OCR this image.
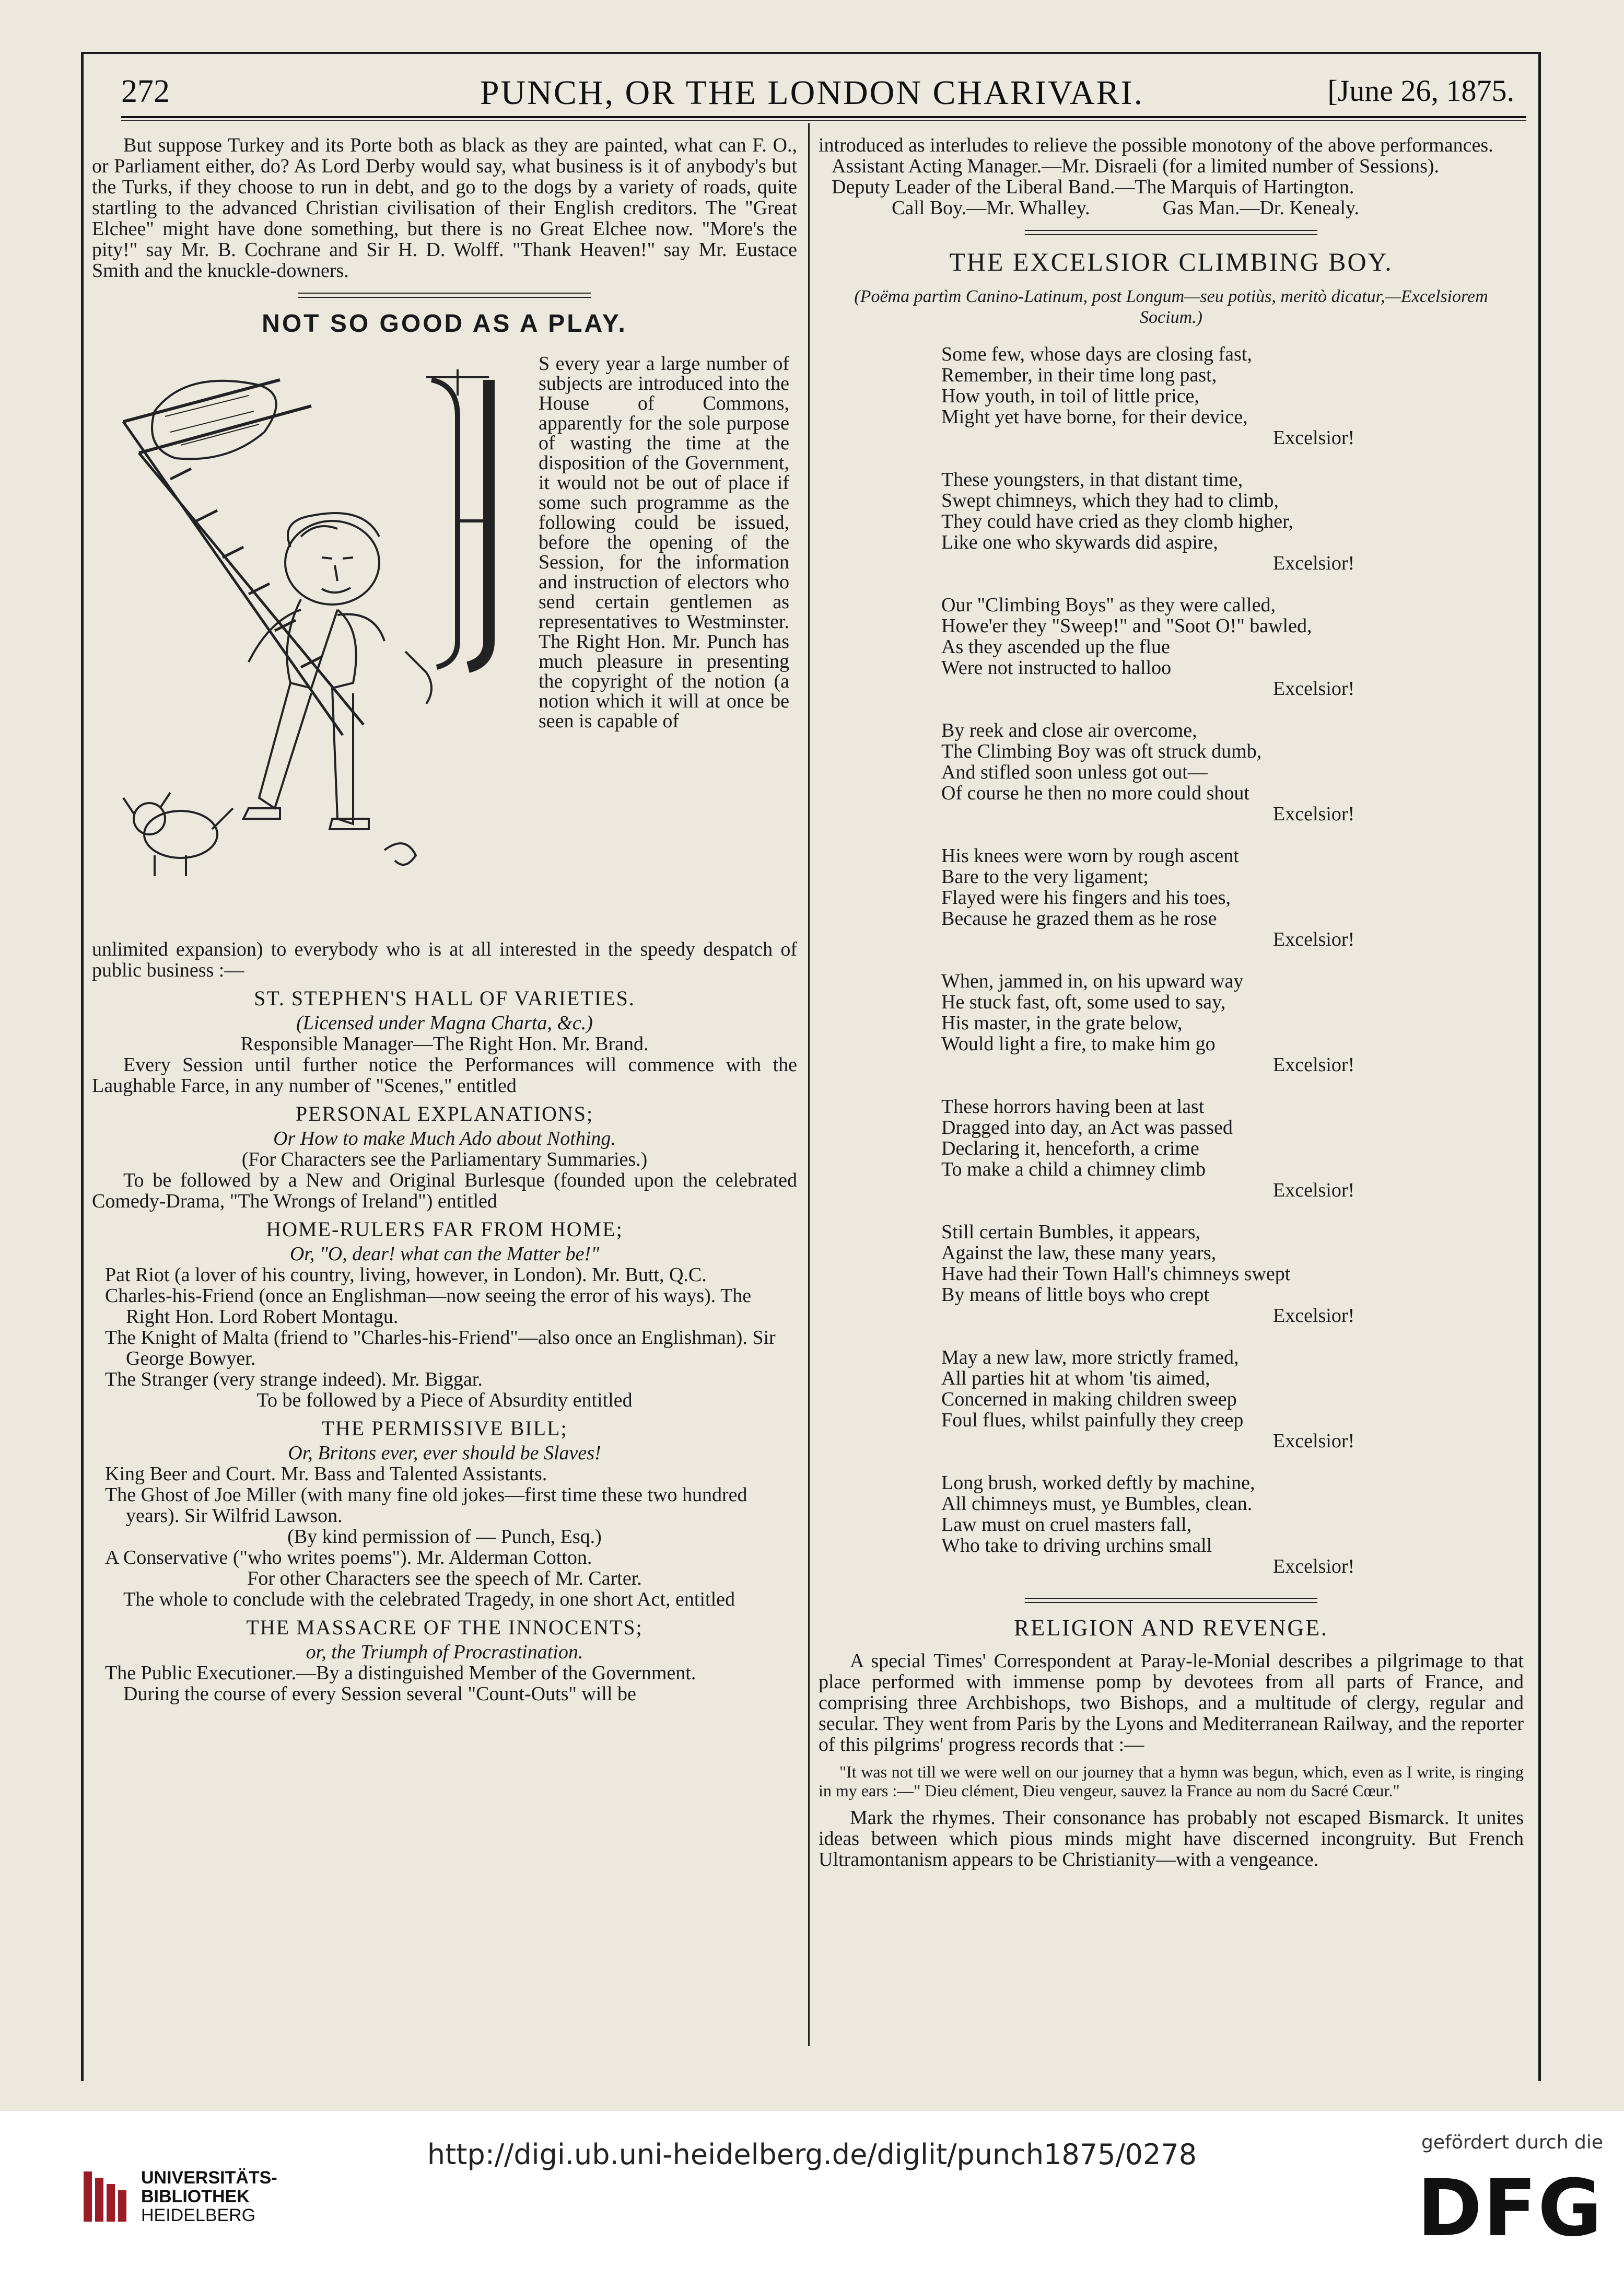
272	PUNCH, OR THE LONDON CHARIVARI.	[June 26, 1875.

But suppose Turkey and its Porte both as black as they are painted, what can F. O., or Parliament either, do? As Lord Derby would say, what business is it of anybody's but the Turks, if they choose to run in debt, and go to the dogs by a variety of roads, quite startling to the advanced Christian civilisation of their English creditors. The "Great Elchee" might have done something, but there is no Great Elchee now. "More's the pity!" say Mr. B. Cochrane and Sir H. D. Wolff. "Thank Heaven!" say Mr. Eustace Smith and the knuckle-downers.

NOT SO GOOD AS A PLAY.
S every year a large number of subjects are introduced into the House of Commons, apparently for the sole purpose of wasting the time at the disposition of the Government, it would not be out of place if some such programme as the following could be issued, before the opening of the Session, for the information and instruction of electors who send certain gentlemen as representatives to Westminster. The Right Hon. Mr. Punch has much pleasure in presenting the copyright of the notion (a notion which it will at once be seen is capable of

unlimited expansion) to everybody who is at all interested in the speedy despatch of public business :—

ST. STEPHEN'S HALL OF VARIETIES.
(Licensed under Magna Charta, &c.)
Responsible Manager—The Right Hon. Mr. Brand.

Every Session until further notice the Performances will commence with the Laughable Farce, in any number of "Scenes," entitled

PERSONAL EXPLANATIONS;
Or How to make Much Ado about Nothing.
(For Characters see the Parliamentary Summaries.)

To be followed by a New and Original Burlesque (founded upon the celebrated Comedy-Drama, "The Wrongs of Ireland") entitled

HOME-RULERS FAR FROM HOME;
Or, "O, dear! what can the Matter be!"
Pat Riot (a lover of his country, living, however, in London). Mr. Butt, Q.C.
Charles-his-Friend (once an Englishman—now seeing the error of his ways). The Right Hon. Lord Robert Montagu.
The Knight of Malta (friend to "Charles-his-Friend"—also once an Englishman). Sir George Bowyer.
The Stranger (very strange indeed). Mr. Biggar.
To be followed by a Piece of Absurdity entitled
THE PERMISSIVE BILL;
Or, Britons ever, ever should be Slaves!
King Beer and Court. Mr. Bass and Talented Assistants.
The Ghost of Joe Miller (with many fine old jokes—first time these two hundred years). Sir Wilfrid Lawson.
(By kind permission of — Punch, Esq.)
A Conservative ("who writes poems"). Mr. Alderman Cotton.
For other Characters see the speech of Mr. Carter.

The whole to conclude with the celebrated Tragedy, in one short Act, entitled

THE MASSACRE OF THE INNOCENTS;
or, the Triumph of Procrastination.
The Public Executioner.—By a distinguished Member of the Government.

During the course of every Session several "Count-Outs" will be

introduced as interludes to relieve the possible monotony of the above performances.

Assistant Acting Manager.—Mr. Disraeli (for a limited number of Sessions).
Deputy Leader of the Liberal Band.—The Marquis of Hartington.
Call Boy.—Mr. Whalley.	Gas Man.—Dr. Kenealy.
THE EXCELSIOR CLIMBING BOY.
(Poëma partìm Canino-Latinum, post Longum—seu potiùs, meritò dicatur,—Excelsiorem Socium.)
Some few, whose days are closing fast,
Remember, in their time long past,
How youth, in toil of little price,
Might yet have borne, for their device,
Excelsior!
These youngsters, in that distant time,
Swept chimneys, which they had to climb,
They could have cried as they clomb higher,
Like one who skywards did aspire,
Excelsior!
Our "Climbing Boys" as they were called,
Howe'er they "Sweep!" and "Soot O!" bawled,
As they ascended up the flue
Were not instructed to halloo
Excelsior!
By reek and close air overcome,
The Climbing Boy was oft struck dumb,
And stifled soon unless got out—
Of course he then no more could shout
Excelsior!
His knees were worn by rough ascent
Bare to the very ligament;
Flayed were his fingers and his toes,
Because he grazed them as he rose
Excelsior!
When, jammed in, on his upward way
He stuck fast, oft, some used to say,
His master, in the grate below,
Would light a fire, to make him go
Excelsior!
These horrors having been at last
Dragged into day, an Act was passed
Declaring it, henceforth, a crime
To make a child a chimney climb
Excelsior!
Still certain Bumbles, it appears,
Against the law, these many years,
Have had their Town Hall's chimneys swept
By means of little boys who crept
Excelsior!
May a new law, more strictly framed,
All parties hit at whom 'tis aimed,
Concerned in making children sweep
Foul flues, whilst painfully they creep
Excelsior!
Long brush, worked deftly by machine,
All chimneys must, ye Bumbles, clean.
Law must on cruel masters fall,
Who take to driving urchins small
Excelsior!
RELIGION AND REVENGE.

A special Times' Correspondent at Paray-le-Monial describes a pilgrimage to that place performed with immense pomp by devotees from all parts of France, and comprising three Archbishops, two Bishops, and a multitude of clergy, regular and secular. They went from Paris by the Lyons and Mediterranean Railway, and the reporter of this pilgrims' progress records that :—

"It was not till we were well on our journey that a hymn was begun, which, even as I write, is ringing in my ears :—" Dieu clément, Dieu vengeur, sauvez la France au nom du Sacré Cœur."

Mark the rhymes. Their consonance has probably not escaped Bismarck. It unites ideas between which pious minds might have discerned incongruity. But French Ultramontanism appears to be Christianity—with a vengeance.

http://digi.ub.uni-heidelberg.de/diglit/punch1875/0278
UNIVERSITÄTS-
BIBLIOTHEK
HEIDELBERG
gefördert durch die
DFG
